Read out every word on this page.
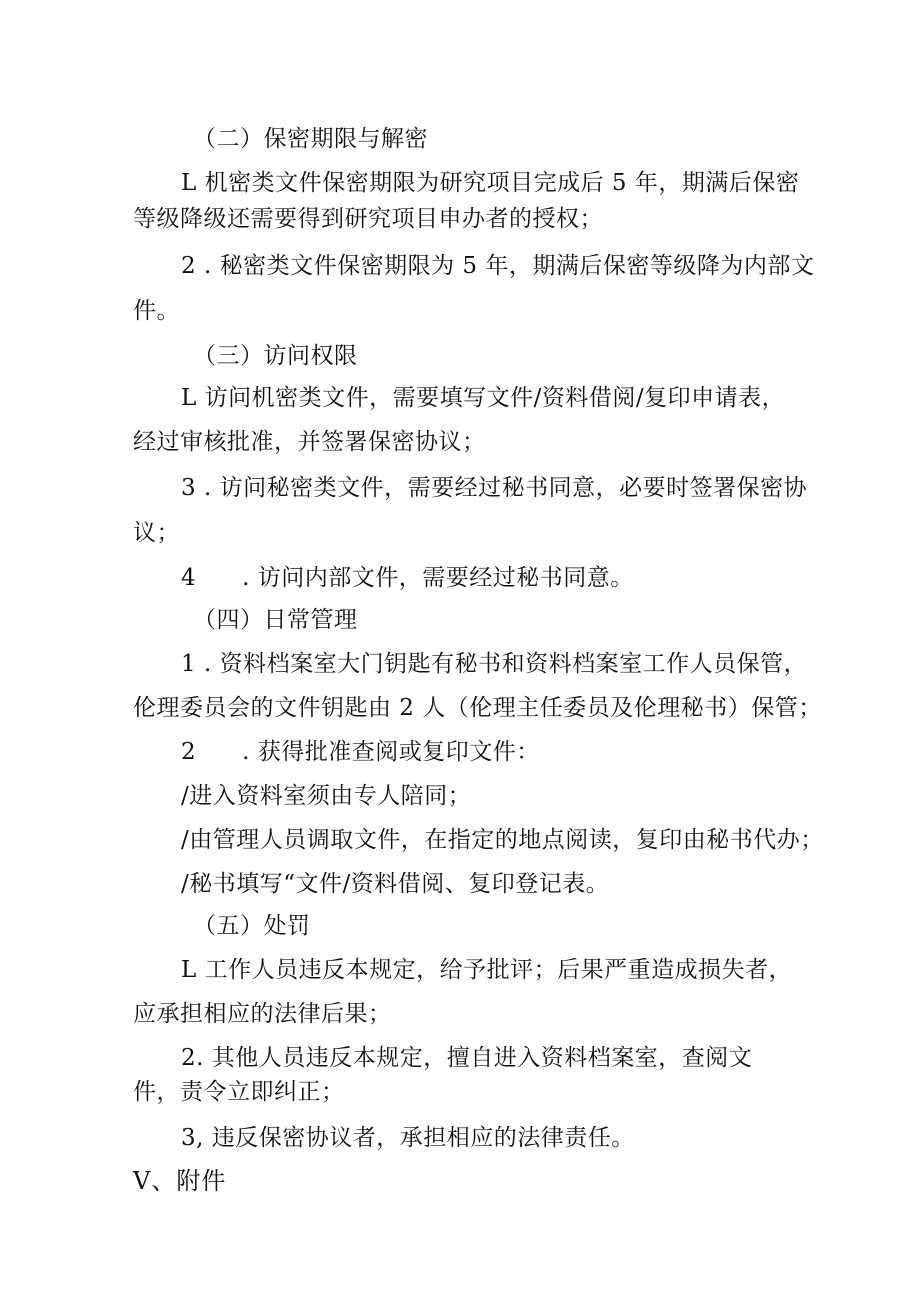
（二）保密期限与解密
L 机密类文件保密期限为研究项目完成后 5 年，期满后保密
等级降级还需要得到研究项目申办者的授权；
2 . 秘密类文件保密期限为 5 年，期满后保密等级降为内部文
件。
（三）访问权限
L 访问机密类文件，需要填写文件/资料借阅/复印申请表，
经过审核批准，并签署保密协议；
3 . 访问秘密类文件，需要经过秘书同意，必要时签署保密协
议；
4 . 访问内部文件，需要经过秘书同意。
（四）日常管理
1 . 资料档案室大门钥匙有秘书和资料档案室工作人员保管，
伦理委员会的文件钥匙由 2 人（伦理主任委员及伦理秘书）保管；
2 . 获得批准查阅或复印文件：
/进入资料室须由专人陪同；
/由管理人员调取文件，在指定的地点阅读，复印由秘书代办；
/秘书填写“文件/资料借阅、复印登记表。
（五）处罚
L 工作人员违反本规定，给予批评；后果严重造成损失者，
应承担相应的法律后果；
2. 其他人员违反本规定，擅自进入资料档案室，查阅文
件，责令立即纠正；
3, 违反保密协议者，承担相应的法律责任。
V、附件
